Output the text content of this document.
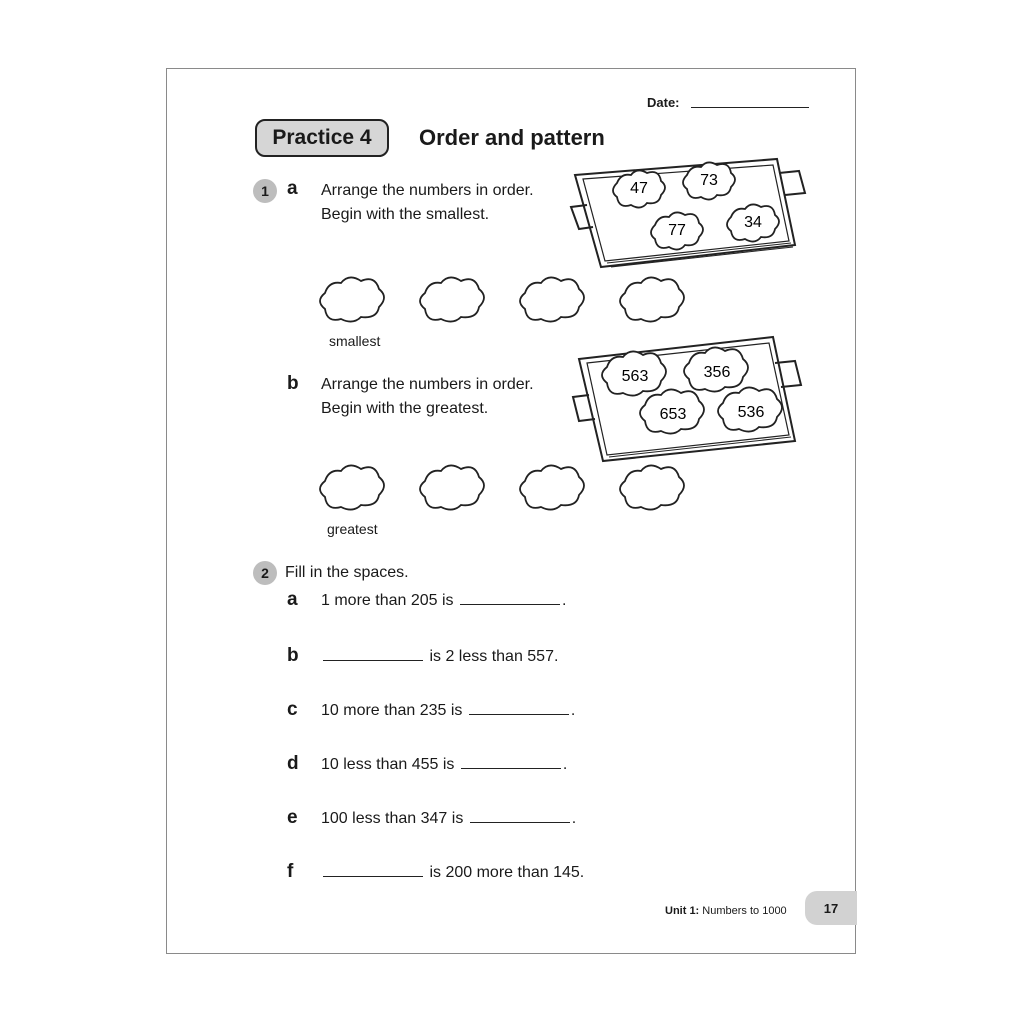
Date:
Practice 4	Order and pattern
1 a Arrange the numbers in order.
Begin with the smallest.
47	73
77	34
smallest
b Arrange the numbers in order.
Begin with the greatest.
563	356
653	536
greatest
2	Fill in the spaces.
a 1 more than 205 is	.
b	is 2 less than 557.
c 10 more than 235 is	.
d 10 less than 455 is	.
e 100 less than 347 is	.
f	is 200 more than 145.
Unit 1: Numbers to 1000	17
